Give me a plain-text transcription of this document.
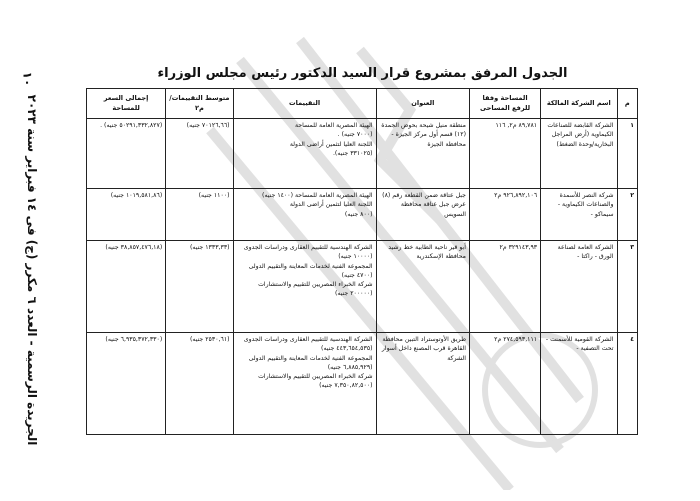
١٠
الجريدة الرسمية - العدد ٦ مكرر (ج) فى ١٤ فبراير سنة ٢٠٢٣
الجدول المرفق بمشروع قرار السيد الدكتور رئيس مجلس الوزراء
م	اسم الشركة المالكة	المساحة وفقا للرفع المساحى	العنوان	التقييمات	متوسط التقييمات/م٢	إجمالى السعر للمساحة
١	الشركة القابضة للصناعات الكيماوية (أرض المراجل البخارية/وحدة الضغط)	٨٩,٧٨١ م٢, ١١٦	منطقة منيل شيحة بحوض الجمدة (١٢) قسم أول مركز الجيزة - محافظة الجيزة	الهيئة المصرية العامة للمساحة
(٧٠٠٠ جنيه) .
اللجنة العليا لتثمين أراضى الدولة
(٣٣١٠٢٥ جنيه).	(٧٠١٢٦,٦٦ جنيه)	(٥٠٢٩١,٣٣٢,٨٢٧ جنيه) .
٢	شركة النصر للأسمدة والصناعات الكيماوية - سيماكو -	٩٢٦,٨٩٢,١٠٦ م٢	جبل عتاقة ضمن القطعة رقم (٨) عرض جبل عتاقة محافظة السويس	الهيئة المصرية العامة للمساحة (١٤٠٠ جنيه)
اللجنة العليا لتثمين أراضى الدولة
(٨٠٠ جنيه)	(١١٠٠ جنيه)	(١٠١٩,٥٨١,٨٦ جنيه)
٣	الشركة العامة لصناعة الورق - راكتا -	٣٢٩١٤٣,٩٣ م٢	أبو قير ناحية الطابية خط رشيد محافظة الإسكندرية	الشركة الهندسية للتقييم العقارى ودراسات الجدوى (١٠٠٠٠ جنيه)
المجموعة الفنية لخدمات المعاينة والتقييم الدولى (٤٧٠٠ جنيه)
شركة الخبراء المصريين للتقييم والاستشارات (٢٠٠٠٠٠ جنيه)	(١٣٣٣,٣٣ جنيه)	(٣٨,٨٥٧,٤٧٦,١٨ جنيه)
٤	الشركة القومية للأسمنت - تحت التصفية -	٢٧٤,٥٩٣,١١١ م٢	طريق الأوتوستراد التبين محافظة القاهرة قرب المصنع داخل أسوار الشركة	الشركة الهندسية للتقييم العقارى ودراسات الجدوى (٤٤٣,٦٥٤,٥٣٥ جنيه)
المجموعة الفنية لخدمات المعاينة والتقييم الدولى (٦,٨٨٥,٩٢٩ جنيه)
شركة الخبراء المصريين للتقييم والاستشارات (٧,٣٥٠,٨٢,٥٠٠ جنيه)	(٢٥٣٠,٦١ جنيه)	(٦,٩٣٥,٣٧٢,٣٣٠ جنيه)
